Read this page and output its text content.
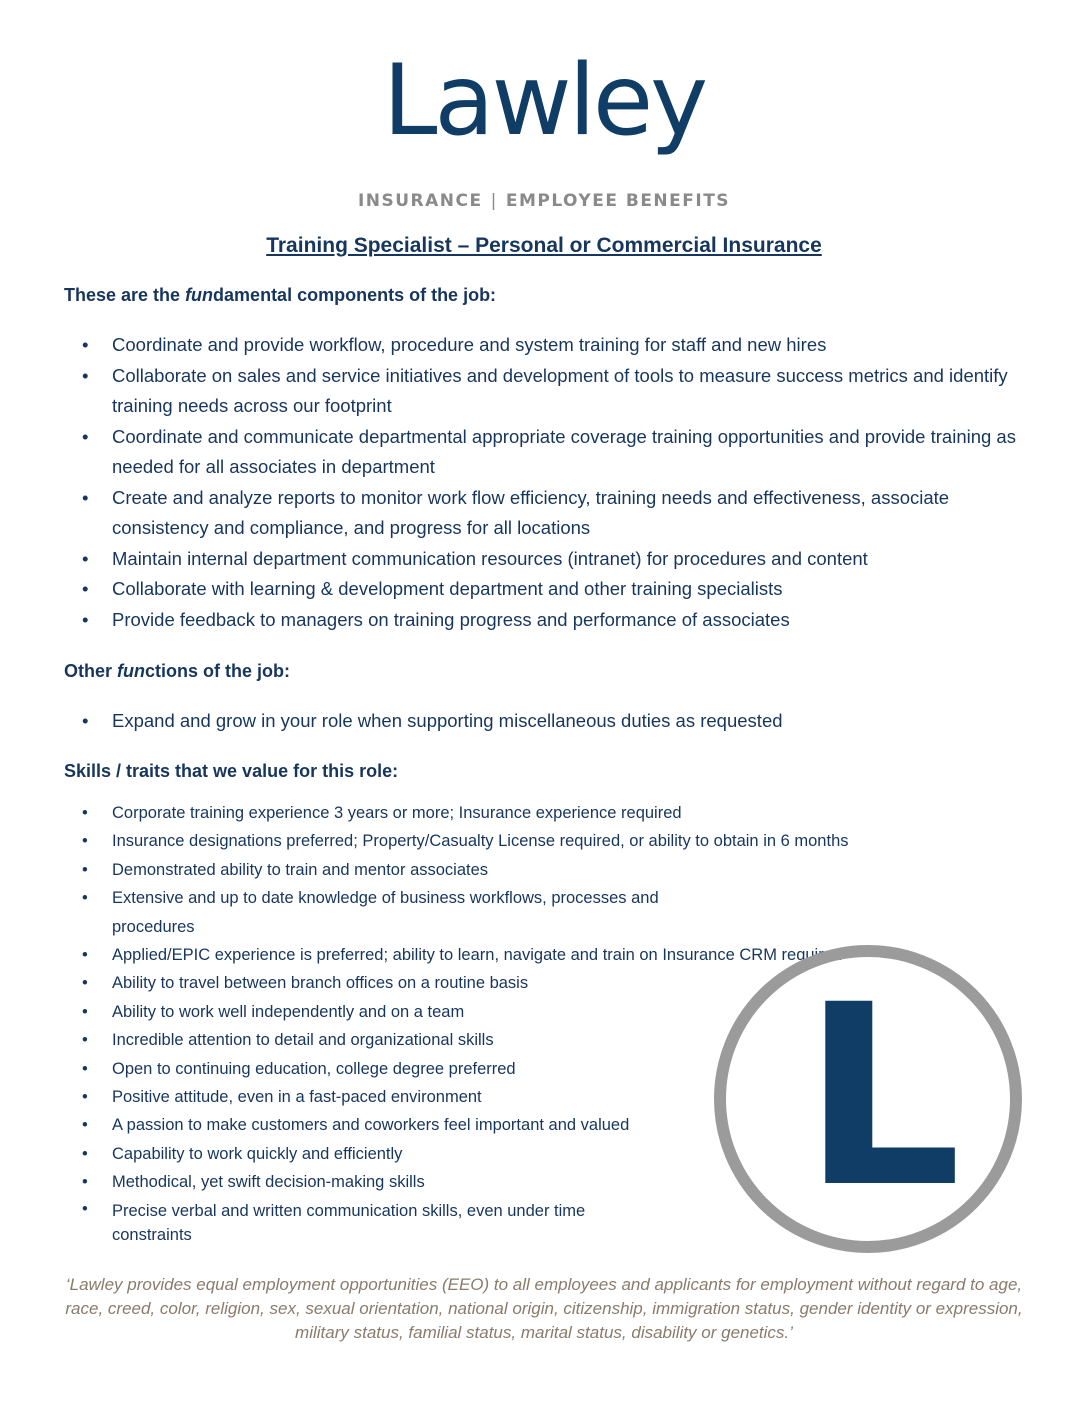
Lawley
INSURANCE | EMPLOYEE BENEFITS
Training Specialist – Personal or Commercial Insurance
These are the fundamental components of the job:
• Coordinate and provide workflow, procedure and system training for staff and new hires
• Collaborate on sales and service initiatives and development of tools to measure success metrics and identify training needs across our footprint
• Coordinate and communicate departmental appropriate coverage training opportunities and provide training as needed for all associates in department
• Create and analyze reports to monitor work flow efficiency, training needs and effectiveness, associate consistency and compliance, and progress for all locations
• Maintain internal department communication resources (intranet) for procedures and content
• Collaborate with learning & development department and other training specialists
• Provide feedback to managers on training progress and performance of associates
Other functions of the job:
• Expand and grow in your role when supporting miscellaneous duties as requested
Skills / traits that we value for this role:
• Corporate training experience 3 years or more; Insurance experience required
• Insurance designations preferred; Property/Casualty License required, or ability to obtain in 6 months
• Demonstrated ability to train and mentor associates
• Extensive and up to date knowledge of business workflows, processes and procedures
• Applied/EPIC experience is preferred; ability to learn, navigate and train on Insurance CRM required
• Ability to travel between branch offices on a routine basis
• Ability to work well independently and on a team
• Incredible attention to detail and organizational skills
• Open to continuing education, college degree preferred
• Positive attitude, even in a fast-paced environment
• A passion to make customers and coworkers feel important and valued
• Capability to work quickly and efficiently
• Methodical, yet swift decision-making skills
• Precise verbal and written communication skills, even under time constraints	L
‘Lawley provides equal employment opportunities (EEO) to all employees and applicants for employment without regard to age, race, creed, color, religion, sex, sexual orientation, national origin, citizenship, immigration status, gender identity or expression, military status, familial status, marital status, disability or genetics.’
